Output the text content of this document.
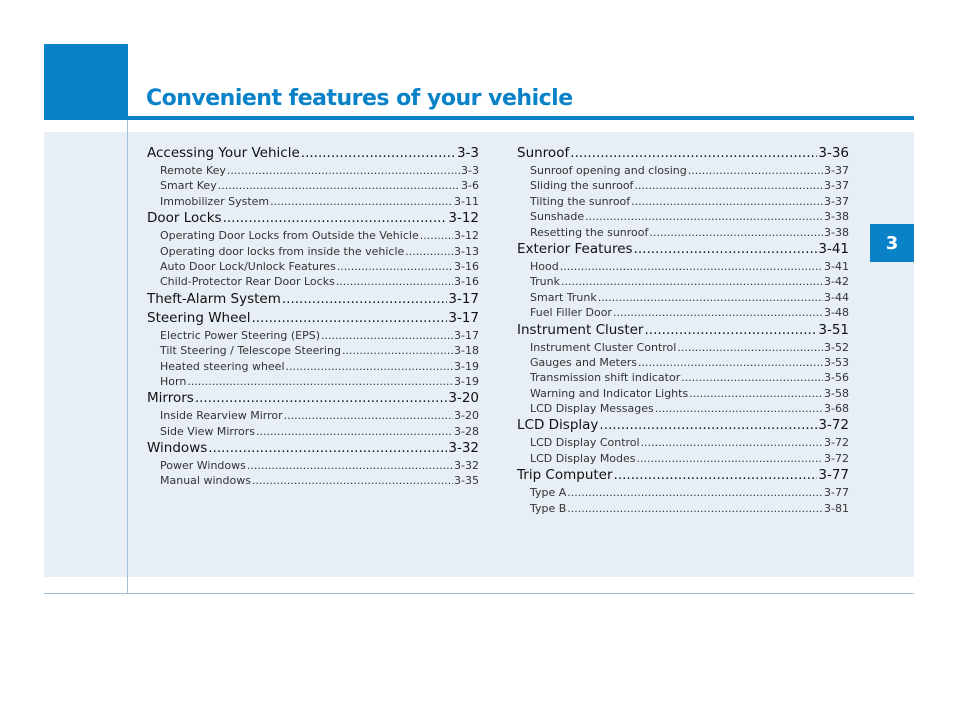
Convenient features of your vehicle
3
Accessing Your Vehicle .....	3-3
Remote Key .....	3-3
Smart Key .....	3-6
Immobilizer System .....	3-11
Door Locks .....	3-12
Operating Door Locks from Outside the Vehicle .....	3-12
Operating door locks from inside the vehicle .....	3-13
Auto Door Lock/Unlock Features .....	3-16
Child-Protector Rear Door Locks .....	3-16
Theft-Alarm System .....	3-17
Steering Wheel .....	3-17
Electric Power Steering (EPS) .....	3-17
Tilt Steering / Telescope Steering .....	3-18
Heated steering wheel .....	3-19
Horn .....	3-19
Mirrors .....	3-20
Inside Rearview Mirror .....	3-20
Side View Mirrors .....	3-28
Windows .....	3-32
Power Windows .....	3-32
Manual windows .....	3-35
Sunroof .....	3-36
Sunroof opening and closing .....	3-37
Sliding the sunroof .....	3-37
Tilting the sunroof .....	3-37
Sunshade .....	3-38
Resetting the sunroof .....	3-38
Exterior Features .....	3-41
Hood .....	3-41
Trunk .....	3-42
Smart Trunk .....	3-44
Fuel Filler Door .....	3-48
Instrument Cluster .....	3-51
Instrument Cluster Control .....	3-52
Gauges and Meters .....	3-53
Transmission shift indicator .....	3-56
Warning and Indicator Lights .....	3-58
LCD Display Messages .....	3-68
LCD Display .....	3-72
LCD Display Control .....	3-72
LCD Display Modes .....	3-72
Trip Computer .....	3-77
Type A .....	3-77
Type B .....	3-81
